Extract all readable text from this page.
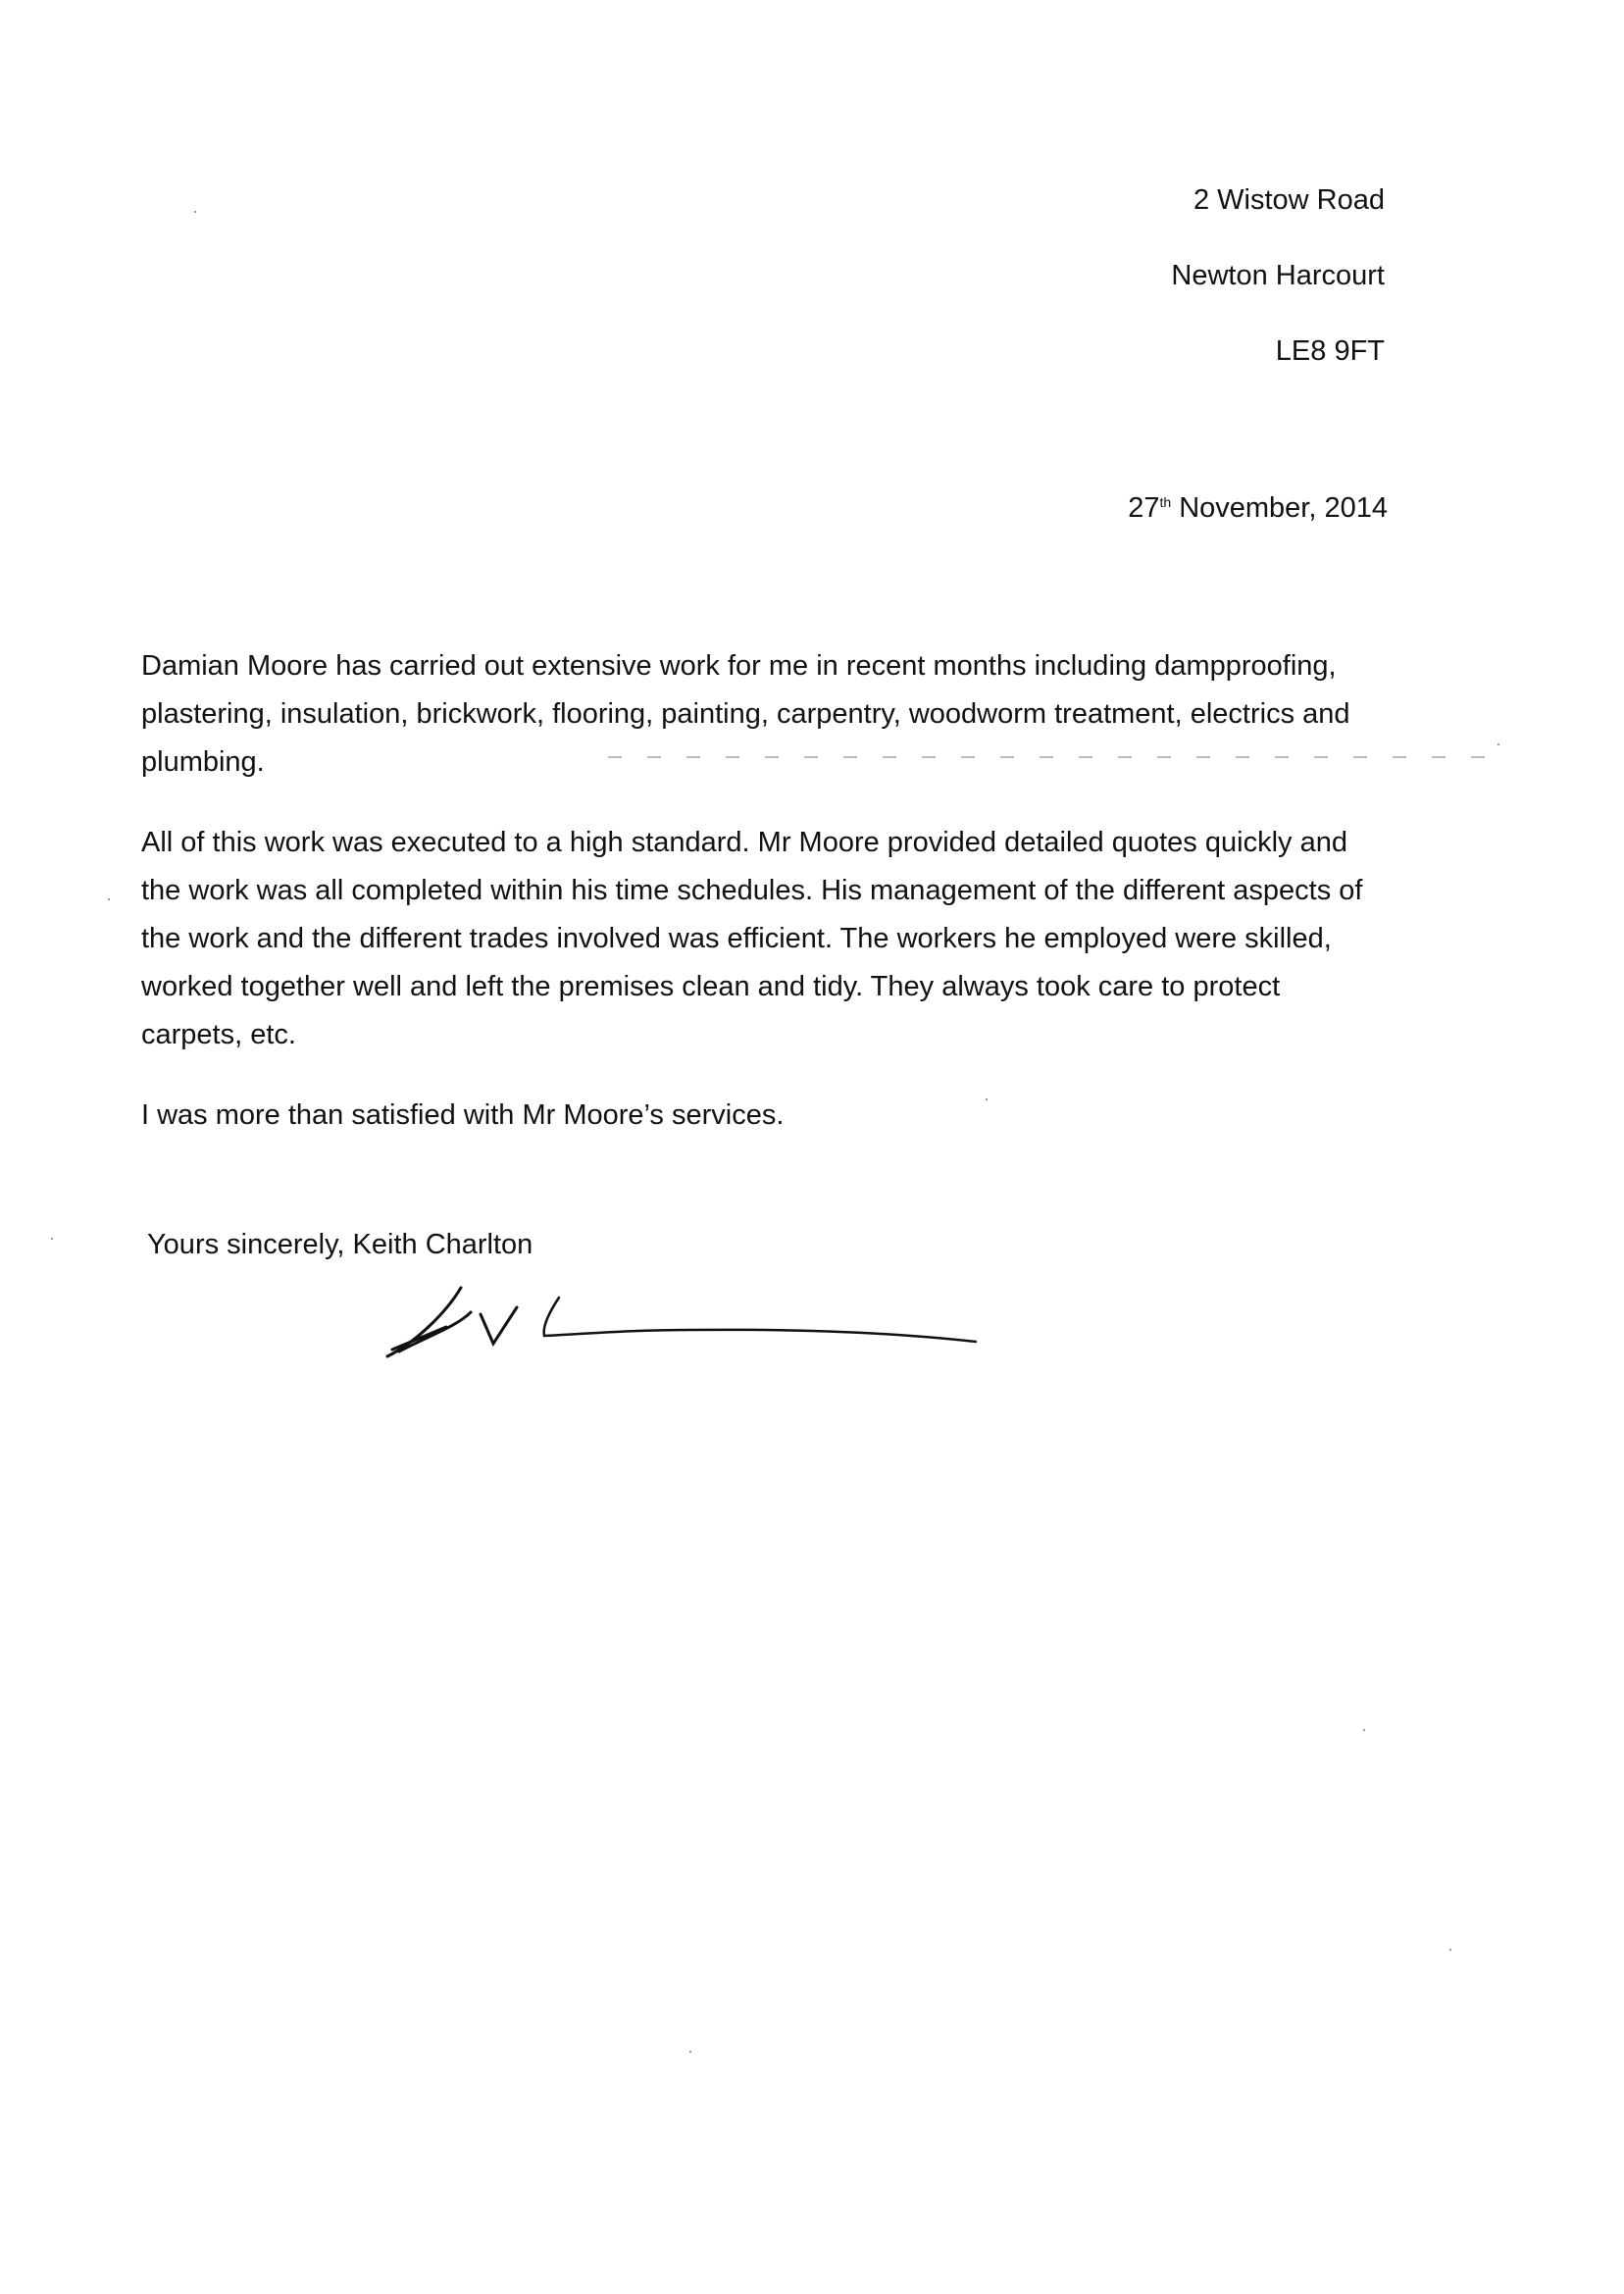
2 Wistow Road
Newton Harcourt
LE8 9FT
27th November, 2014

Damian Moore has carried out extensive work for me in recent months including dampproofing, plastering, insulation, brickwork, flooring, painting, carpentry, woodworm treatment, electrics and plumbing.

All of this work was executed to a high standard. Mr Moore provided detailed quotes quickly and the work was all completed within his time schedules. His management of the different aspects of the work and the different trades involved was efficient. The workers he employed were skilled, worked together well and left the premises clean and tidy. They always took care to protect carpets, etc.

I was more than satisfied with Mr Moore’s services.

Yours sincerely, Keith Charlton
